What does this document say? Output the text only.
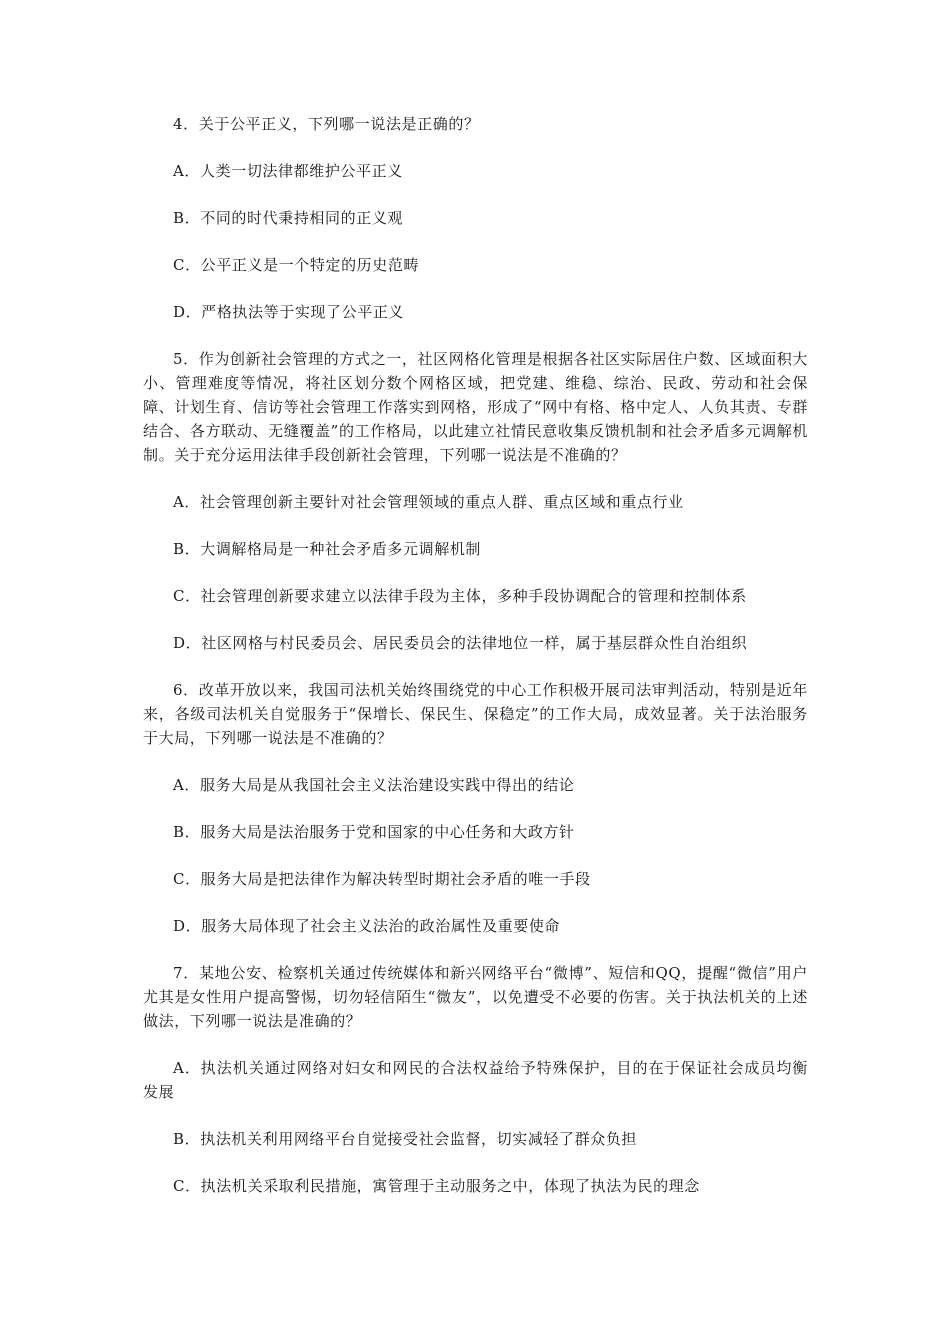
4．关于公平正义，下列哪一说法是正确的？

A．人类一切法律都维护公平正义

B．不同的时代秉持相同的正义观

C．公平正义是一个特定的历史范畴

D．严格执法等于实现了公平正义

5．作为创新社会管理的方式之一，社区网格化管理是根据各社区实际居住户数、区域面积大小、管理难度等情况，将社区划分数个网格区域，把党建、维稳、综治、民政、劳动和社会保障、计划生育、信访等社会管理工作落实到网格，形成了“网中有格、格中定人、人负其责、专群结合、各方联动、无缝覆盖”的工作格局，以此建立社情民意收集反馈机制和社会矛盾多元调解机制。关于充分运用法律手段创新社会管理，下列哪一说法是不准确的？

A．社会管理创新主要针对社会管理领域的重点人群、重点区域和重点行业

B．大调解格局是一种社会矛盾多元调解机制

C．社会管理创新要求建立以法律手段为主体，多种手段协调配合的管理和控制体系

D．社区网格与村民委员会、居民委员会的法律地位一样，属于基层群众性自治组织

6．改革开放以来，我国司法机关始终围绕党的中心工作积极开展司法审判活动，特别是近年来，各级司法机关自觉服务于“保增长、保民生、保稳定”的工作大局，成效显著。关于法治服务于大局，下列哪一说法是不准确的？

A．服务大局是从我国社会主义法治建设实践中得出的结论

B．服务大局是法治服务于党和国家的中心任务和大政方针

C．服务大局是把法律作为解决转型时期社会矛盾的唯一手段

D．服务大局体现了社会主义法治的政治属性及重要使命

7．某地公安、检察机关通过传统媒体和新兴网络平台“微博”、短信和QQ，提醒“微信”用户尤其是女性用户提高警惕，切勿轻信陌生“微友”，以免遭受不必要的伤害。关于执法机关的上述做法，下列哪一说法是准确的？

A．执法机关通过网络对妇女和网民的合法权益给予特殊保护，目的在于保证社会成员均衡发展

B．执法机关利用网络平台自觉接受社会监督，切实减轻了群众负担

C．执法机关采取利民措施，寓管理于主动服务之中，体现了执法为民的理念
